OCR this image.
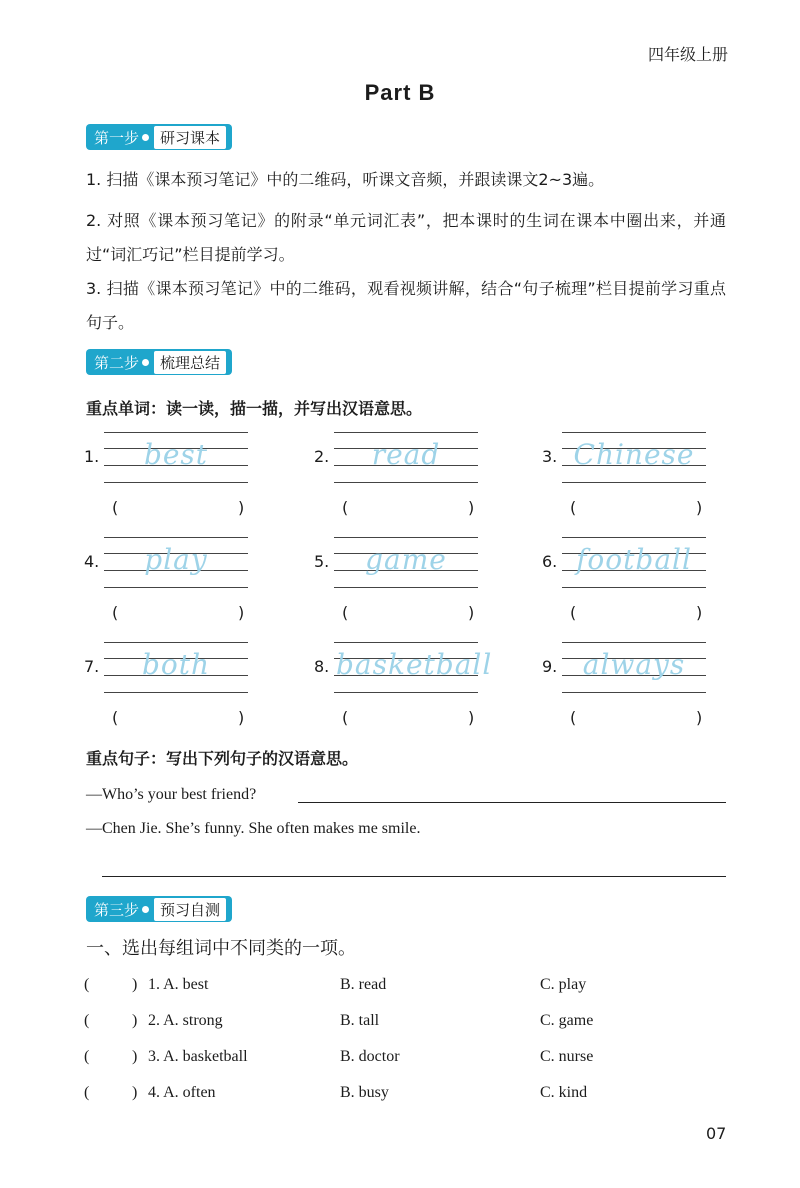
四年级上册
Part B
第一步	研习课本
1. 扫描《课本预习笔记》中的二维码，听课文音频，并跟读课文2~3遍。
2. 对照《课本预习笔记》的附录“单元词汇表”，把本课时的生词在课本中圈出来，并通过“词汇巧记”栏目提前学习。
3. 扫描《课本预习笔记》中的二维码，观看视频讲解，结合“句子梳理”栏目提前学习重点句子。
第二步	梳理总结
重点单词：读一读，描一描，并写出汉语意思。
1.	best
(	)
2.	read
(	)
3. Chinese
(	)
4.	play
(	)
5.	game
(	)
6. football
(	)
7.	both
(	)
8. basketball
(	)
9. always
(	)
重点句子：写出下列句子的汉语意思。
—Who’s your best friend?
—Chen Jie. She’s funny. She often makes me smile.
第三步	预习自测
一、选出每组词中不同类的一项。
(	) 1. A. best	B. read	C. play
(	) 2. A. strong	B. tall	C. game
(	) 3. A. basketball	B. doctor	C. nurse
(	) 4. A. often	B. busy	C. kind
07
